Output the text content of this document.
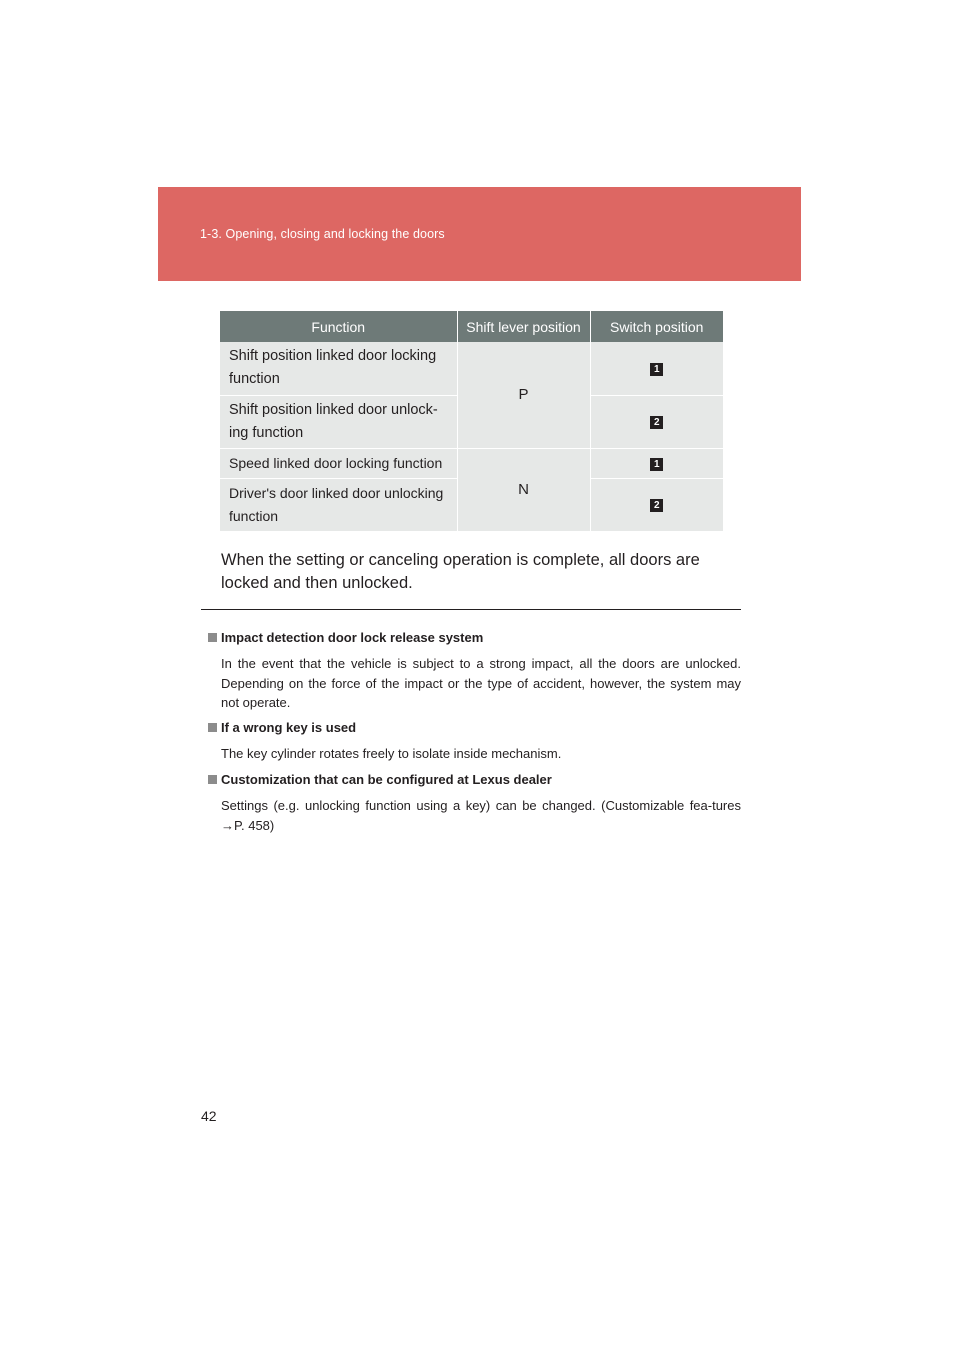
1-3. Opening, closing and locking the doors
Function	Shift lever position	Switch position
Shift position linked door locking function	P	1
Shift position linked door unlock-ing function		2
Speed linked door locking function	N	1
Driver's door linked door unlocking function		2
When the setting or canceling operation is complete, all doors are locked and then unlocked.
Impact detection door lock release system
In the event that the vehicle is subject to a strong impact, all the doors are unlocked. Depending on the force of the impact or the type of accident, however, the system may not operate.
If a wrong key is used
The key cylinder rotates freely to isolate inside mechanism.
Customization that can be configured at Lexus dealer
Settings (e.g. unlocking function using a key) can be changed. (Customizable fea-tures →P. 458)
42
